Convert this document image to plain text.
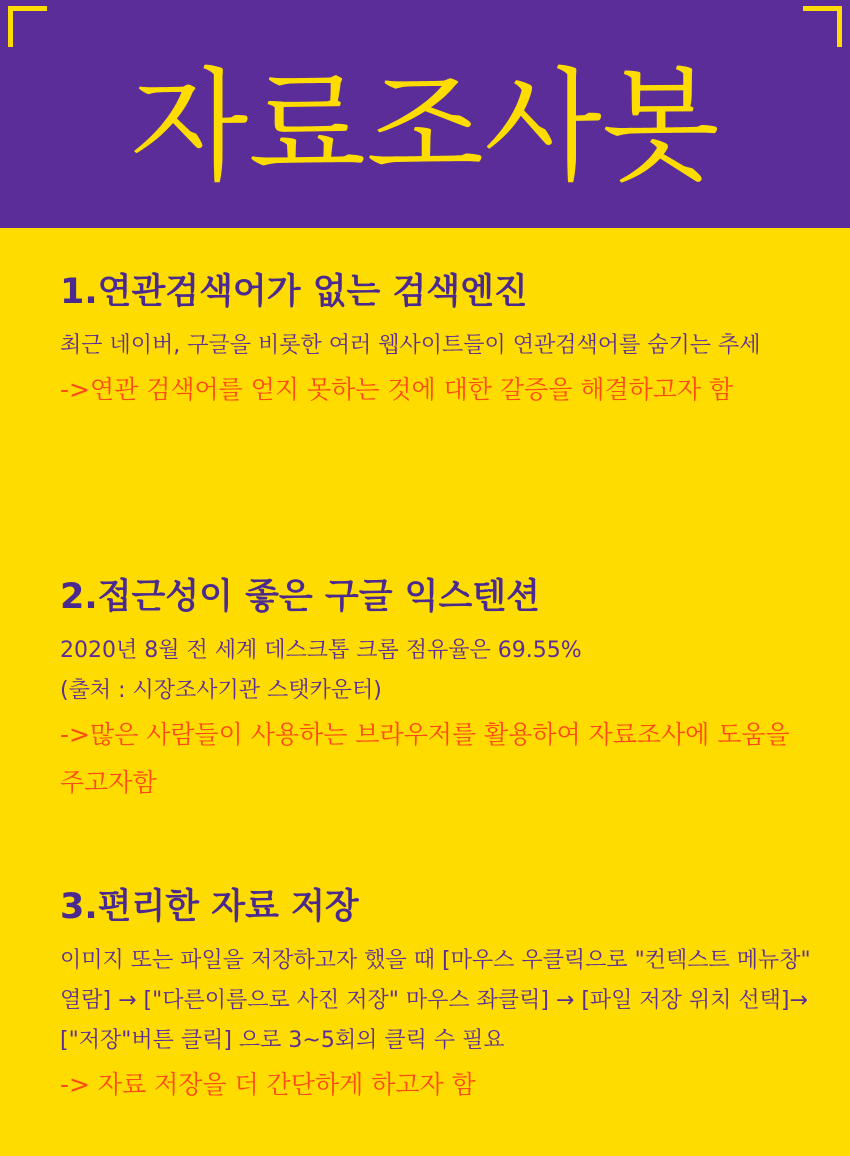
자료조사봇
1.연관검색어가 없는 검색엔진

최근 네이버, 구글을 비롯한 여러 웹사이트들이 연관검색어를 숨기는 추세

->연관 검색어를 얻지 못하는 것에 대한 갈증을 해결하고자 함

2.접근성이 좋은 구글 익스텐션

2020년 8월 전 세계 데스크톱 크롬 점유율은 69.55%

(출처 : 시장조사기관 스탯카운터)

->많은 사람들이 사용하는 브라우저를 활용하여 자료조사에 도움을 주고자함

3.편리한 자료 저장

이미지 또는 파일을 저장하고자 했을 때 [마우스 우클릭으로 "컨텍스트 메뉴창" 열람] → ["다른이름으로 사진 저장" 마우스 좌클릭] → [파일 저장 위치 선택]→ ["저장"버튼 클릭] 으로 3~5회의 클릭 수 필요

-> 자료 저장을 더 간단하게 하고자 함
